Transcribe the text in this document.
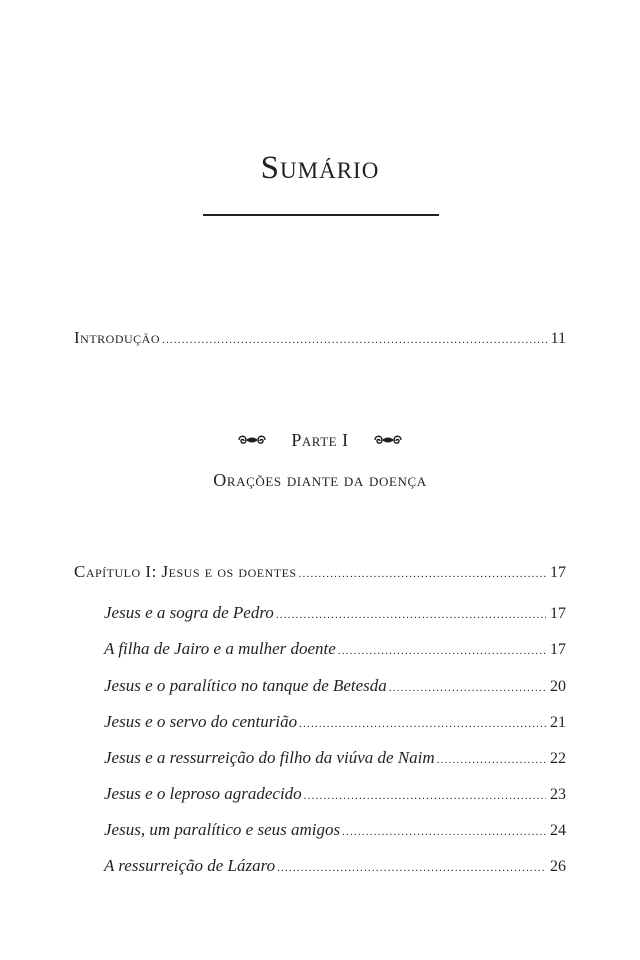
Sumário
Introdução .....	11
Parte I
Orações diante da doença
Capítulo I: Jesus e os doentes .....	17
Jesus e a sogra de Pedro .....	17
A filha de Jairo e a mulher doente .....	17
Jesus e o paralítico no tanque de Betesda .....	20
Jesus e o servo do centurião .....	21
Jesus e a ressurreição do filho da viúva de Naim .....	22
Jesus e o leproso agradecido .....	23
Jesus, um paralítico e seus amigos .....	24
A ressurreição de Lázaro .....	26
